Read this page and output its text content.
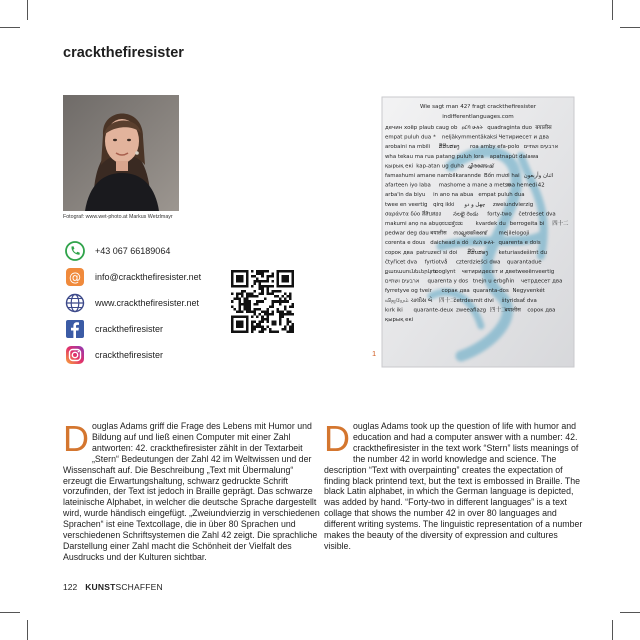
crackthefiresister
Fotograf: www.wet-photo.at Markus Wetzlmayr
+43 067 66189064
@ info@crackthefiresister.net
www.crackthefiresister.net
crackthefiresister
crackthefiresister
Wie sagt man 42? fragt crackthefiresister
indifferentlanguages.com
дечин хоёр plaub caug ob ዐርባ ሁለት quadraginta duo बयालीस
empat puluh dua * neljäkymmentäkaksi Четириесет и два
arobaini na mbili ສີ່ສິບສອງ roa amby efa-polo ארבעים ושתיים
wha tekau ma rua patang puluh lora apatnapût dalawa
қырық екі kap-atan ug duha ച്ചിരങ്ങേഷ്
famashumi amane nambili
karannde Bốn mươi hai اثنان وأربعون
afarteen iyo laba mashome a mane a metso
ma hemedi 42
arba'in da biyu in ano na abua empat puluh dua
twee en veertig qirq ikki چهل و دو zweiundvierzig
σαράντα δύο สี่สิบสอง నలభై రెండు forty-two četrdeset dva
makumi anọ na abụọ ನಲವತ್ತೆರಡು kvardek du berrogeita bi 四十二
pedwar deg dau बयालीस നാല്പത്തിരണ്ട് mejilelogoji
corenta e dous daichead a dó ደረስ ሁለት quarenta e dois
сорок два patruzeci si doi ສີ່ສິບສອງ keturiasdešimt du
čtyřicet dva fyrtiotvå czterdzieści dwa quarantadue
քառասունեւերկու
tooglynt четиридесет и две tweeënveertig
ארבעים ושתיים quarenta y dos tnejn u erbgħin четрдесет два
fyrretyve og tveir сорак два quaranta-dos Negyvenkét
விஜயேம் ચાલીસ બે 四十二
četrdesmit divi štyridsať dva
kırk iki quarante-deux zweeafiazg 四十二
बयालीस сорок два
қырық екі
1

Douglas Adams griff die Frage des Lebens mit Humor und Bildung auf und ließ einen Computer mit einer Zahl antworten: 42. crackthefiresister zählt in der Textarbeit „Stern“ Bedeutungen der Zahl 42 im Weltwissen und der Wissenschaft auf. Die Beschreibung „Text mit Übermalung“ erzeugt die Erwartungshaltung, schwarz gedruckte Schrift vorzufinden, der Text ist jedoch in Braille geprägt. Das schwarze lateinische Alphabet, in welcher die deutsche Sprache dargestellt wird, wurde händisch eingefügt. „Zweiundvierzig in verschiedenen Sprachen“ ist eine Textcollage, die in über 80 Sprachen und verschiedenen Schriftsystemen die Zahl 42 zeigt. Die sprachliche Darstellung einer Zahl macht die Schönheit der Vielfalt des Ausdrucks und der Kulturen sichtbar.

Douglas Adams took up the question of life with humor and education and had a computer answer with a number: 42. crackthefiresister in the text work “Stern” lists meanings of the number 42 in world knowledge and science. The description “Text with overpainting” creates the expectation of finding black printend text, but the text is embossed in Braille. The black Latin alphabet, in which the German language is depicted, was added by hand. “Forty-two in different languages” is a text collage that shows the number 42 in over 80 languages and different writing systems. The linguistic representation of a number makes the beauty of the diversity of expression and cultures visible.

122 KUNSTSCHAFFEN
